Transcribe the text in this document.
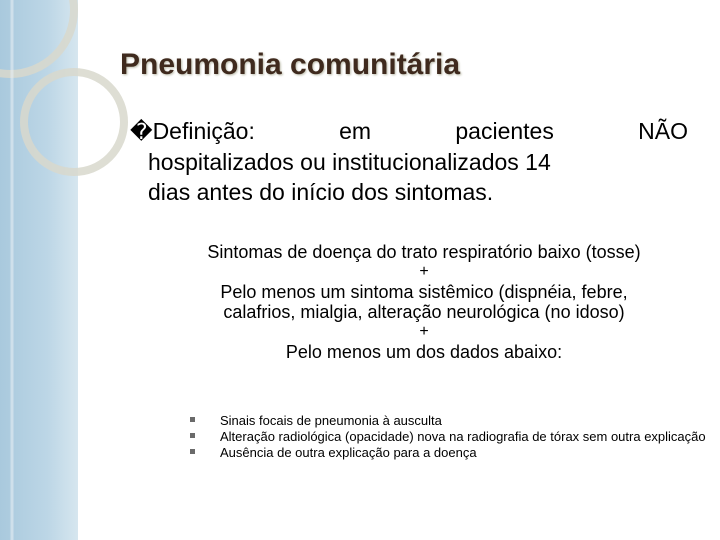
Pneumonia comunitária
�Definição:	em	pacientes	NÃO
hospitalizados ou institucionalizados 14
dias antes do início dos sintomas.
Sintomas de doença do trato respiratório baixo (tosse)
+
Pelo menos um sintoma sistêmico (dispnéia, febre,
calafrios, mialgia, alteração neurológica (no idoso)
+
Pelo menos um dos dados abaixo:
Sinais focais de pneumonia à ausculta
Alteração radiológica (opacidade) nova na radiografia de tórax sem outra explicação
Ausência de outra explicação para a doença
